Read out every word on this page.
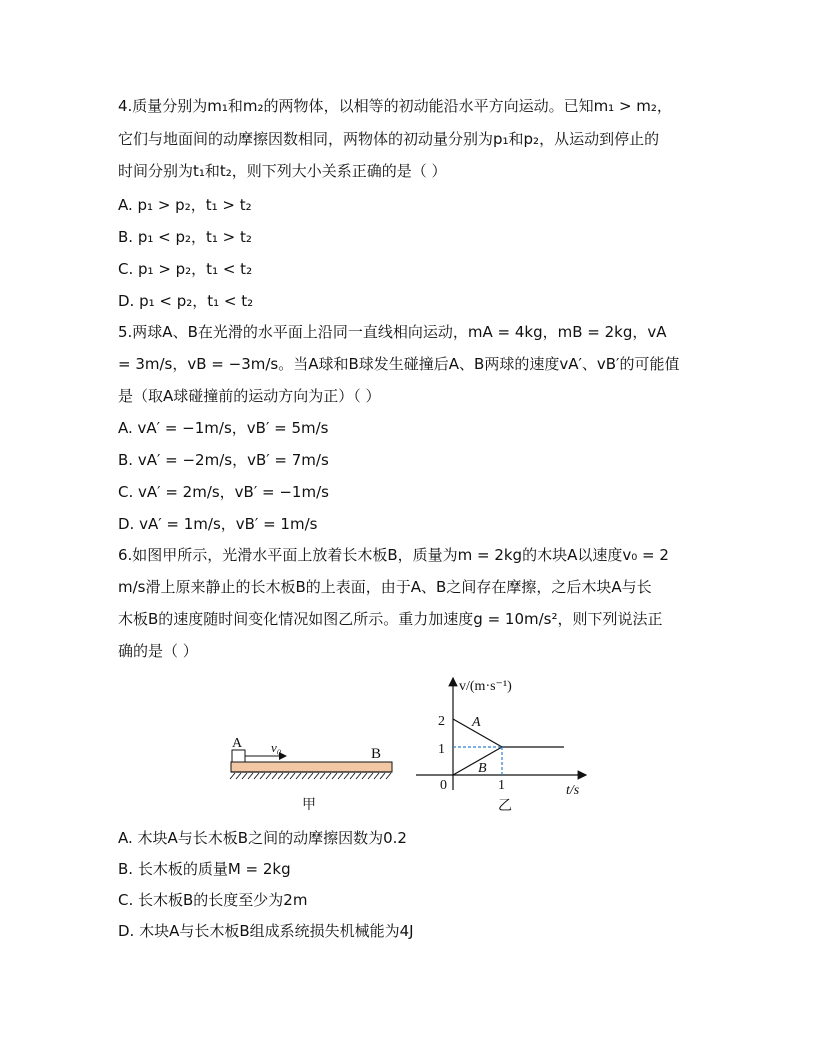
4.质量分别为m₁和m₂的两物体，以相等的初动能沿水平方向运动。已知m₁ > m₂，
它们与地面间的动摩擦因数相同，两物体的初动量分别为p₁和p₂，从运动到停止的
时间分别为t₁和t₂，则下列大小关系正确的是（ ）
A. p₁ > p₂，t₁ > t₂
B. p₁ < p₂，t₁ > t₂
C. p₁ > p₂，t₁ < t₂
D. p₁ < p₂，t₁ < t₂
5.两球A、B在光滑的水平面上沿同一直线相向运动，mA = 4kg，mB = 2kg，vA
= 3m/s，vB = −3m/s。当A球和B球发生碰撞后A、B两球的速度vA′、vB′的可能值
是（取A球碰撞前的运动方向为正）（ ）
A. vA′ = −1m/s，vB′ = 5m/s
B. vA′ = −2m/s，vB′ = 7m/s
C. vA′ = 2m/s，vB′ = −1m/s
D. vA′ = 1m/s，vB′ = 1m/s
6.如图甲所示，光滑水平面上放着长木板B，质量为m = 2kg的木块A以速度v₀ = 2
m/s滑上原来静止的长木板B的上表面，由于A、B之间存在摩擦，之后木块A与长
木板B的速度随时间变化情况如图乙所示。重力加速度g = 10m/s²，则下列说法正
确的是（ ）
A v₀	B
甲
v/(m·s⁻¹)
t/s
0
2
1
1
A
B
乙
A. 木块A与长木板B之间的动摩擦因数为0.2
B. 长木板的质量M = 2kg
C. 长木板B的长度至少为2m
D. 木块A与长木板B组成系统损失机械能为4J
